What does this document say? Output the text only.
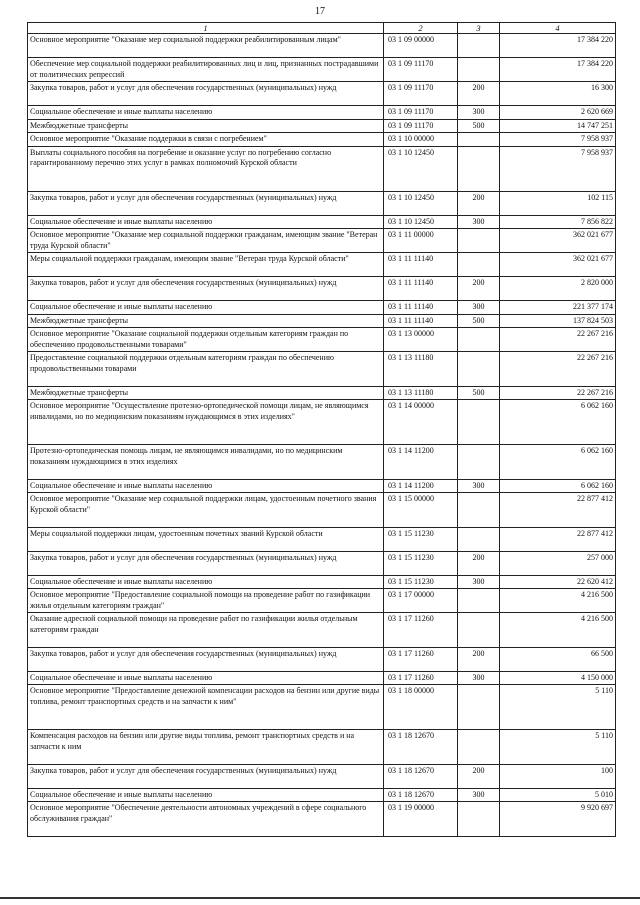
17
1	2	3	4
Основное мероприятие "Оказание мер социальной поддержки реабилитированным лицам"	03 1 09 00000		17 384 220
Обеспечение мер социальной поддержки реабилитированных лиц и лиц, признанных пострадавшими от политических репрессий	03 1 09 11170		17 384 220
Закупка товаров, работ и услуг для обеспечения государственных (муниципальных) нужд	03 1 09 11170	200	16 300
Социальное обеспечение и иные выплаты населению	03 1 09 11170	300	2 620 669
Межбюджетные трансферты	03 1 09 11170	500	14 747 251
Основное мероприятие "Оказание поддержки в связи с погребением"	03 1 10 00000		7 958 937
Выплаты социального пособия на погребение и оказание услуг по погребению согласно гарантированному перечню этих услуг в рамках полномочий Курской области	03 1 10 12450		7 958 937
Закупка товаров, работ и услуг для обеспечения государственных (муниципальных) нужд	03 1 10 12450	200	102 115
Социальное обеспечение и иные выплаты населению	03 1 10 12450	300	7 856 822
Основное мероприятие "Оказание мер социальной поддержки гражданам, имеющим звание "Ветеран труда Курской области"	03 1 11 00000		362 021 677
Меры социальной поддержки гражданам, имеющим звание "Ветеран труда Курской области"	03 1 11 11140		362 021 677
Закупка товаров, работ и услуг для обеспечения государственных (муниципальных) нужд	03 1 11 11140	200	2 820 000
Социальное обеспечение и иные выплаты населению	03 1 11 11140	300	221 377 174
Межбюджетные трансферты	03 1 11 11140	500	137 824 503
Основное мероприятие "Оказание социальной поддержки отдельным категориям граждан по обеспечению продовольственными товарами"	03 1 13 00000		22 267 216
Предоставление социальной поддержки отдельным категориям граждан по обеспечению продовольственными товарами	03 1 13 11180		22 267 216
Межбюджетные трансферты	03 1 13 11180	500	22 267 216
Основное мероприятие "Осуществление протезно-ортопедической помощи лицам, не являющимся инвалидами, но по медицинским показаниям нуждающимся в этих изделиях"	03 1 14 00000		6 062 160
Протезно-ортопедическая помощь лицам, не являющимся инвалидами, но по медицинским показаниям нуждающимся в этих изделиях	03 1 14 11200		6 062 160
Социальное обеспечение и иные выплаты населению	03 1 14 11200	300	6 062 160
Основное мероприятие "Оказание мер социальной поддержки лицам, удостоенным почетного звания Курской области"	03 1 15 00000		22 877 412
Меры социальной поддержки лицам, удостоенным почетных званий Курской области	03 1 15 11230		22 877 412
Закупка товаров, работ и услуг для обеспечения государственных (муниципальных) нужд	03 1 15 11230	200	257 000
Социальное обеспечение и иные выплаты населению	03 1 15 11230	300	22 620 412
Основное мероприятие "Предоставление социальной помощи на проведение работ по газификации жилья отдельным категориям граждан"	03 1 17 00000		4 216 500
Оказание адресной социальной помощи на проведение работ по газификации жилья отдельным категориям граждан	03 1 17 11260		4 216 500
Закупка товаров, работ и услуг для обеспечения государственных (муниципальных) нужд	03 1 17 11260	200	66 500
Социальное обеспечение и иные выплаты населению	03 1 17 11260	300	4 150 000
Основное мероприятие "Предоставление денежной компенсации расходов на бензин или другие виды топлива, ремонт транспортных средств и на запчасти к ним"	03 1 18 00000		5 110
Компенсация расходов на бензин или другие виды топлива, ремонт транспортных средств и на запчасти к ним	03 1 18 12670		5 110
Закупка товаров, работ и услуг для обеспечения государственных (муниципальных) нужд	03 1 18 12670	200	100
Социальное обеспечение и иные выплаты населению	03 1 18 12670	300	5 010
Основное мероприятие "Обеспечение деятельности автономных учреждений в сфере социального обслуживания граждан"	03 1 19 00000		9 920 697
